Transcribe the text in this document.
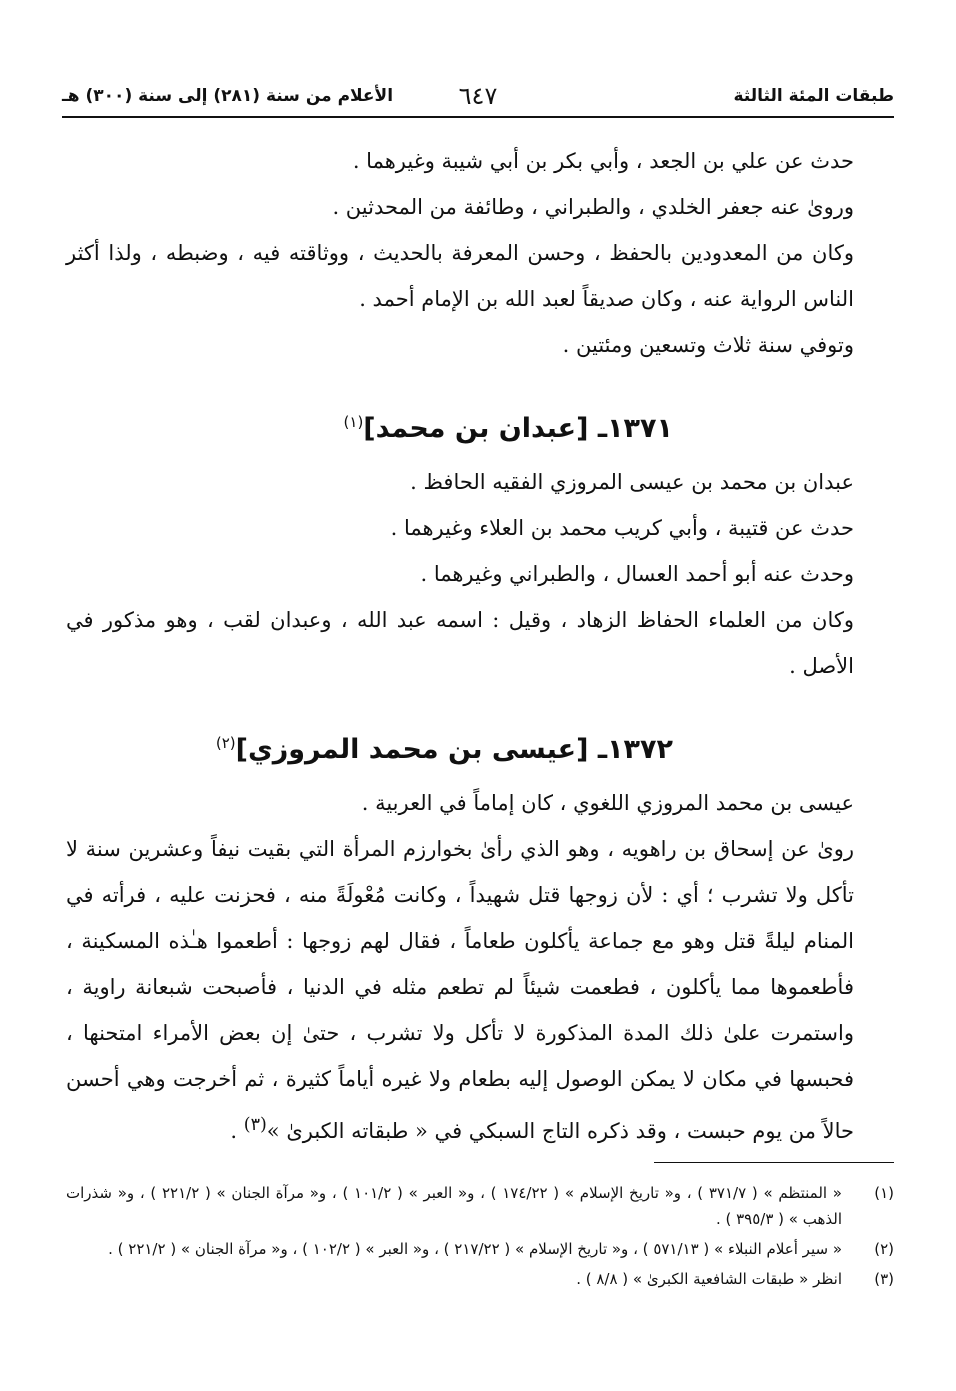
طبقات المئة الثالثة
٦٤٧
الأعلام من سنة (٢٨١) إلى سنة (٣٠٠) هـ

حدث عن علي بن الجعد ، وأبي بكر بن أبي شيبة وغيرهما .

وروىٰ عنه جعفر الخلدي ، والطبراني ، وطائفة من المحدثين .

وكان من المعدودين بالحفظ ، وحسن المعرفة بالحديث ، ووثاقته فيه ، وضبطه ، ولذا أكثر الناس الرواية عنه ، وكان صديقاً لعبد الله بن الإمام أحمد .

وتوفي سنة ثلاث وتسعين ومئتين .

١٣٧١ـ [عبدان بن محمد]$^{(١)}$

عبدان بن محمد بن عيسى المروزي الفقيه الحافظ .

حدث عن قتيبة ، وأبي كريب محمد بن العلاء وغيرهما .

وحدث عنه أبو أحمد العسال ، والطبراني وغيرهما .

وكان من العلماء الحفاظ الزهاد ، وقيل : اسمه عبد الله ، وعبدان لقب ، وهو مذكور في الأصل .

١٣٧٢ـ [عيسى بن محمد المروزي]$^{(٢)}$

عيسى بن محمد المروزي اللغوي ، كان إماماً في العربية .

روىٰ عن إسحاق بن راهويه ، وهو الذي رأىٰ بخوارزم المرأة التي بقيت نيفاً وعشرين سنة لا تأكل ولا تشرب ؛ أي : لأن زوجها قتل شهيداً ، وكانت مُعْولَةً منه ، فحزنت عليه ، فرأته في المنام ليلةً قتل وهو مع جماعة يأكلون طعاماً ، فقال لهم زوجها : أطعموا هـٰذه المسكينة ، فأطعموها مما يأكلون ، فطعمت شيئاً لم تطعم مثله في الدنيا ، فأصبحت شبعانة راوية ، واستمرت علىٰ ذلك المدة المذكورة لا تأكل ولا تشرب ، حتىٰ إن بعض الأمراء امتحنها ، فحبسها في مكان لا يمكن الوصول إليه بطعام ولا غيره أياماً كثيرة ، ثم أخرجت وهي أحسن حالاً من يوم حبست ، وقد ذكره التاج السبكي في « طبقاته الكبرىٰ »$^{(٣)}$ .

(١)
« المنتظم » ( ٣٧١/٧ ) ، و« تاريخ الإسلام » ( ١٧٤/٢٢ ) ، و« العبر » ( ١٠١/٢ ) ، و« مرآة الجنان » ( ٢٢١/٢ ) ، و« شذرات الذهب » ( ٣٩٥/٣ ) .
(٢)
« سير أعلام النبلاء » ( ٥٧١/١٣ ) ، و« تاريخ الإسلام » ( ٢١٧/٢٢ ) ، و« العبر » ( ١٠٢/٢ ) ، و« مرآة الجنان » ( ٢٢١/٢ ) .
(٣)
انظر « طبقات الشافعية الكبرىٰ » ( ٨/٨ ) .
